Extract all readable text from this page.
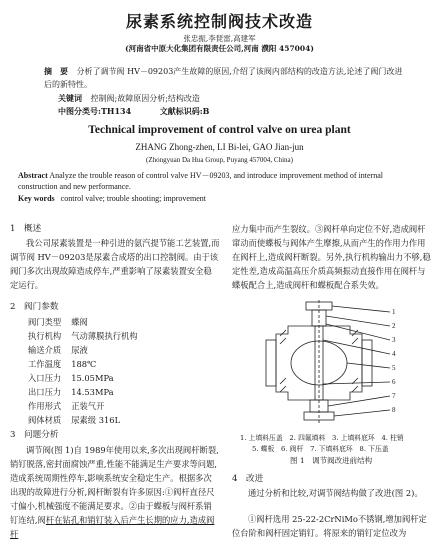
尿素系统控制阀技术改造
张忠振,李琵雷,高建军
(河南省中原大化集团有限责任公司,河南 濮阳 457004)
摘　要 分析了调节阀 HV－09203产生故障的原因,介绍了该阀内部结构的改造方法,论述了阀门改进后的新特性。
关键词 控制阀;故障原因分析;结构改造
中图分类号:TH134	文献标识码:B
Technical improvement of control valve on urea plant
ZHANG Zhong-zhen, LI Bi-lei, GAO Jian-jun
(Zhongyuan Da Hua Group, Puyang 457004, China)
Abstract Analyze the trouble reason of control valve HV－09203, and introduce improvement method of internal construction and new performance.
Key words control valve; trouble shooting; improvement
1　概述
我公司尿素装置是一种引进的氨汽提节能工艺装置,而调节阀 HV－09203是尿素合成塔的出口控制阀。由于该阀门多次出现故障造成停车,严重影响了尿素装置安全稳定运行。
2　阀门参数
阀门类型	蝶阀
执行机构	气动薄膜执行机构
输送介质	尿液
工作温度	188℃
入口压力	15.05MPa
出口压力	14.53MPa
作用形式	正装气开
阀体材质	尿素级 316L
3　问题分析
调节阀(图 1)自 1989年使用以来,多次出现阀杆断裂,销钉脱落,密封面腐蚀严重,性能不能满足生产要求等问题,造成系统周期性停车,影响系统安全稳定生产。根据多次出现的故障进行分析,阀杆断裂有许多原因:①阀杆直径尺寸偏小,机械强度不能满足要求。②由于蝶板与阀杆系销钉连结,阀杆在钻孔和销钉装入后产生长期的应力,造成阀杆
应力集中而产生裂纹。③阀杆单向定位不好,造成阀杆窜动而使蝶板与阀体产生摩擦,从而产生的作用力作用在阀杆上,造成阀杆断裂。另外,执行机构输出力不够,稳定性差,造成高温高压介质高频振动直接作用在阀杆与蝶板配合上,造成阀杆和蝶板配合系失效。
1
2
3
4
5
6
7
8
1. 上填料压盖　2. 四氟填料　3. 上填料底环　4. 柱销
5. 蝶板　6. 阀杆　7. 下填料底环　8. 下压盖
图 1　调节阀改进前结构
4　改进
通过分析和比较,对调节阀结构做了改进(图 2)。
①阀杆选用 25-22-2CrNiMo不锈钢,增加阀杆定位台阶和阀杆固定销钉。将原来的销钉定位改为
